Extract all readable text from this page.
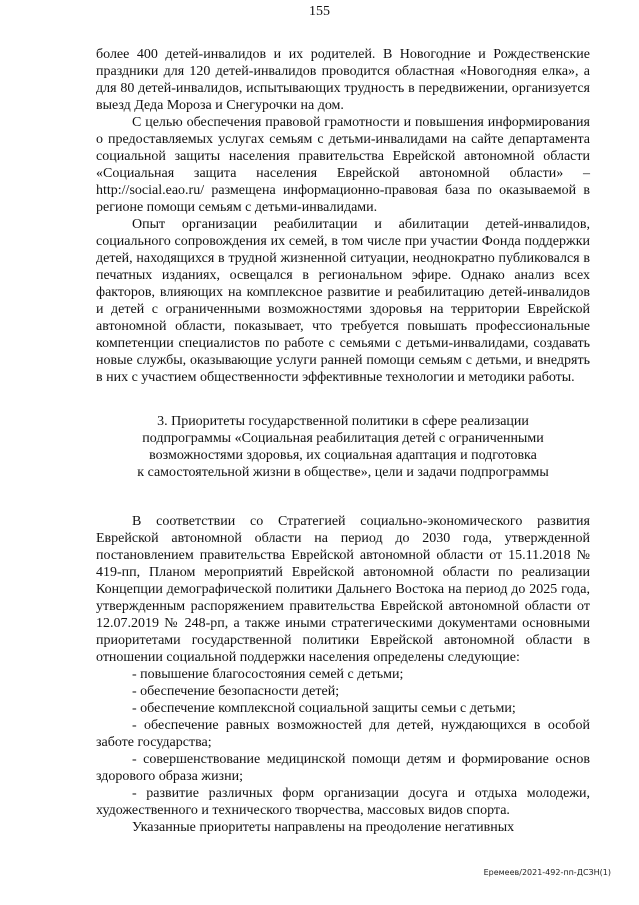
155

более 400 детей-инвалидов и их родителей. В Новогодние и Рождественские праздники для 120 детей-инвалидов проводится областная «Новогодняя елка», а для 80 детей-инвалидов, испытывающих трудность в передвижении, организуется выезд Деда Мороза и Снегурочки на дом.

С целью обеспечения правовой грамотности и повышения информирования о предоставляемых услугах семьям с детьми-инвалидами на сайте департамента социальной защиты населения правительства Еврейской автономной области «Социальная защита населения Еврейской автономной области» – http://social.eao.ru/ размещена информационно-правовая база по оказываемой в регионе помощи семьям с детьми-инвалидами.

Опыт организации реабилитации и абилитации детей-инвалидов, социального сопровождения их семей, в том числе при участии Фонда поддержки детей, находящихся в трудной жизненной ситуации, неоднократно публиковался в печатных изданиях, освещался в региональном эфире. Однако анализ всех факторов, влияющих на комплексное развитие и реабилитацию детей-инвалидов и детей с ограниченными возможностями здоровья на территории Еврейской автономной области, показывает, что требуется повышать профессиональные компетенции специалистов по работе с семьями с детьми-инвалидами, создавать новые службы, оказывающие услуги ранней помощи семьям с детьми, и внедрять в них с участием общественности эффективные технологии и методики работы.

3. Приоритеты государственной политики в сфере реализации
подпрограммы «Социальная реабилитация детей с ограниченными
возможностями здоровья, их социальная адаптация и подготовка
к самостоятельной жизни в обществе», цели и задачи подпрограммы

В соответствии со Стратегией социально-экономического развития Еврейской автономной области на период до 2030 года, утвержденной постановлением правительства Еврейской автономной области от 15.11.2018 № 419-пп, Планом мероприятий Еврейской автономной области по реализации Концепции демографической политики Дальнего Востока на период до 2025 года, утвержденным распоряжением правительства Еврейской автономной области от 12.07.2019 № 248-рп, а также иными стратегическими документами основными приоритетами государственной политики Еврейской автономной области в отношении социальной поддержки населения определены следующие:

- повышение благосостояния семей с детьми;

- обеспечение безопасности детей;

- обеспечение комплексной социальной защиты семьи с детьми;

- обеспечение равных возможностей для детей, нуждающихся в особой заботе государства;

- совершенствование медицинской помощи детям и формирование основ здорового образа жизни;

- развитие различных форм организации досуга и отдыха молодежи, художественного и технического творчества, массовых видов спорта.

Указанные приоритеты направлены на преодоление негативных

Еремеев/2021-492-пп-ДСЗН(1)
